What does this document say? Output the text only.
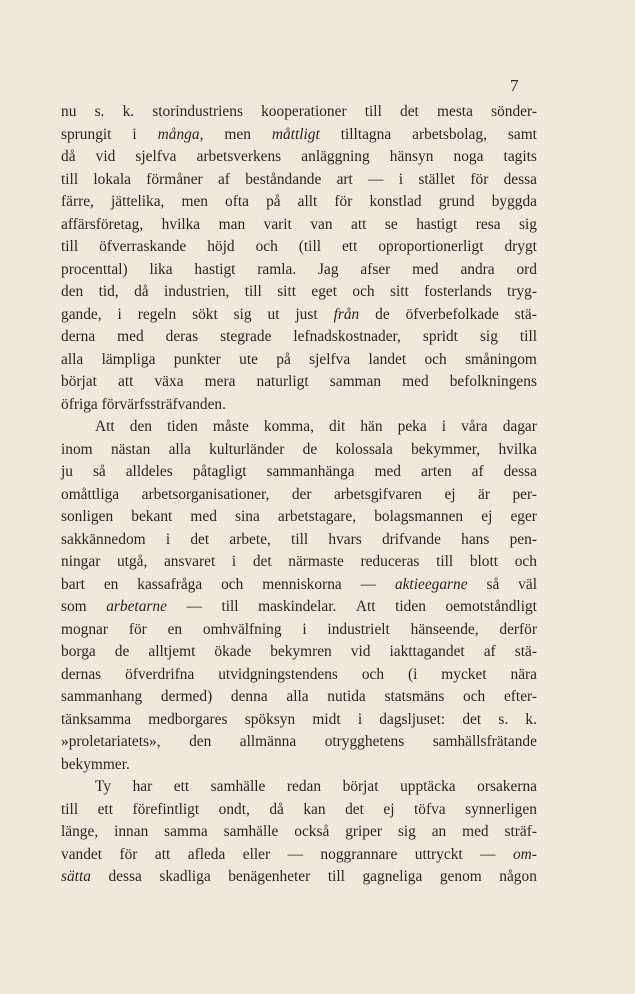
7
nu s. k. storindustriens kooperationer till det mesta sönder-
sprungit i många, men måttligt tilltagna arbetsbolag, samt
då vid sjelfva arbetsverkens anläggning hänsyn noga tagits
till lokala förmåner af beståndande art — i stället för dessa
färre, jättelika, men ofta på allt för konstlad grund byggda
affärsföretag, hvilka man varit van att se hastigt resa sig
till öfverraskande höjd och (till ett oproportionerligt drygt
procenttal) lika hastigt ramla. Jag afser med andra ord
den tid, då industrien, till sitt eget och sitt fosterlands tryg-
gande, i regeln sökt sig ut just från de öfverbefolkade stä-
derna med deras stegrade lefnadskostnader, spridt sig till
alla lämpliga punkter ute på sjelfva landet och småningom
börjat att växa mera naturligt samman med befolkningens
öfriga
förvärfssträfvanden.
Att den tiden måste komma, dit hän peka i våra dagar
inom nästan alla kulturländer de kolossala bekymmer, hvilka
ju så alldeles påtagligt sammanhänga med arten af dessa
omåttliga arbetsorganisationer, der arbetsgifvaren ej är per-
sonligen bekant med sina arbetstagare, bolagsmannen ej eger
sakkännedom i det arbete, till hvars drifvande hans pen-
ningar utgå, ansvaret i det närmaste reduceras till blott och
bart en kassafråga och menniskorna — aktieegarne så väl
som arbetarne — till maskindelar. Att tiden oemotståndligt
mognar för en omhvälfning i industrielt hänseende, derför
borga de alltjemt ökade bekymren vid iakttagandet af stä-
dernas öfverdrifna utvidgningstendens och (i mycket nära
sammanhang dermed) denna alla nutida statsmäns och efter-
tänksamma medborgares spöksyn midt i dagsljuset: det s. k.
»proletariatets», den allmänna otrygghetens samhällsfrätande
bekymmer.
Ty har ett samhälle redan börjat upptäcka orsakerna
till ett förefintligt ondt, då kan det ej töfva synnerligen
länge, innan samma samhälle också griper sig an med sträf-
vandet för att afleda eller — noggrannare uttryckt — om-
sätta dessa skadliga benägenheter till gagneliga genom någon
